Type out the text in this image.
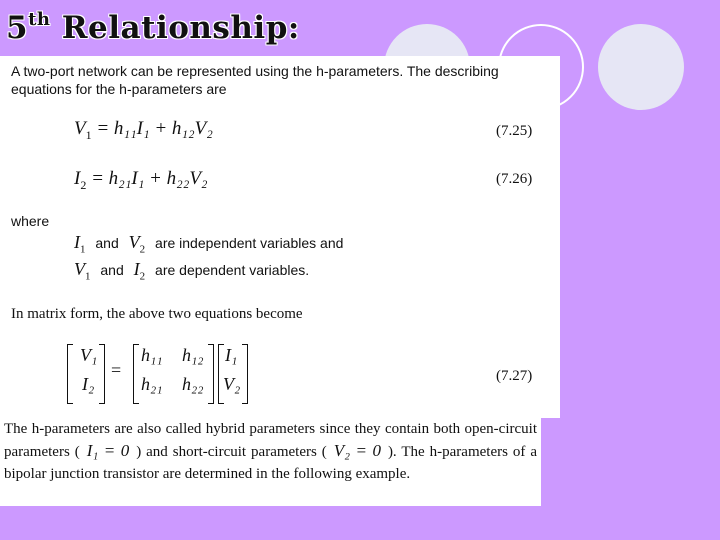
5th Relationship:
A two-port network can be represented using the h-parameters. The describing equations for the h-parameters are
$V_1 = h_{11}I_1 + h_{12}V_2$	(7.25)
$I_2 = h_{21}I_1 + h_{22}V_2$	(7.26)
where
$I_1$ and $V_2$ are independent variables and
$V_1$ and $I_2$ are dependent variables.
In matrix form, the above two equations become
V₁
I₂
=
h₁₁ h₁₂
h₂₁ h₂₂
I₁
V₂	(7.27)
The h-parameters are also called hybrid parameters since they contain both open-circuit parameters ( I₁ = 0 ) and short-circuit parameters ( V₂ = 0 ). The h-parameters of a bipolar junction transistor are determined in the following example.
